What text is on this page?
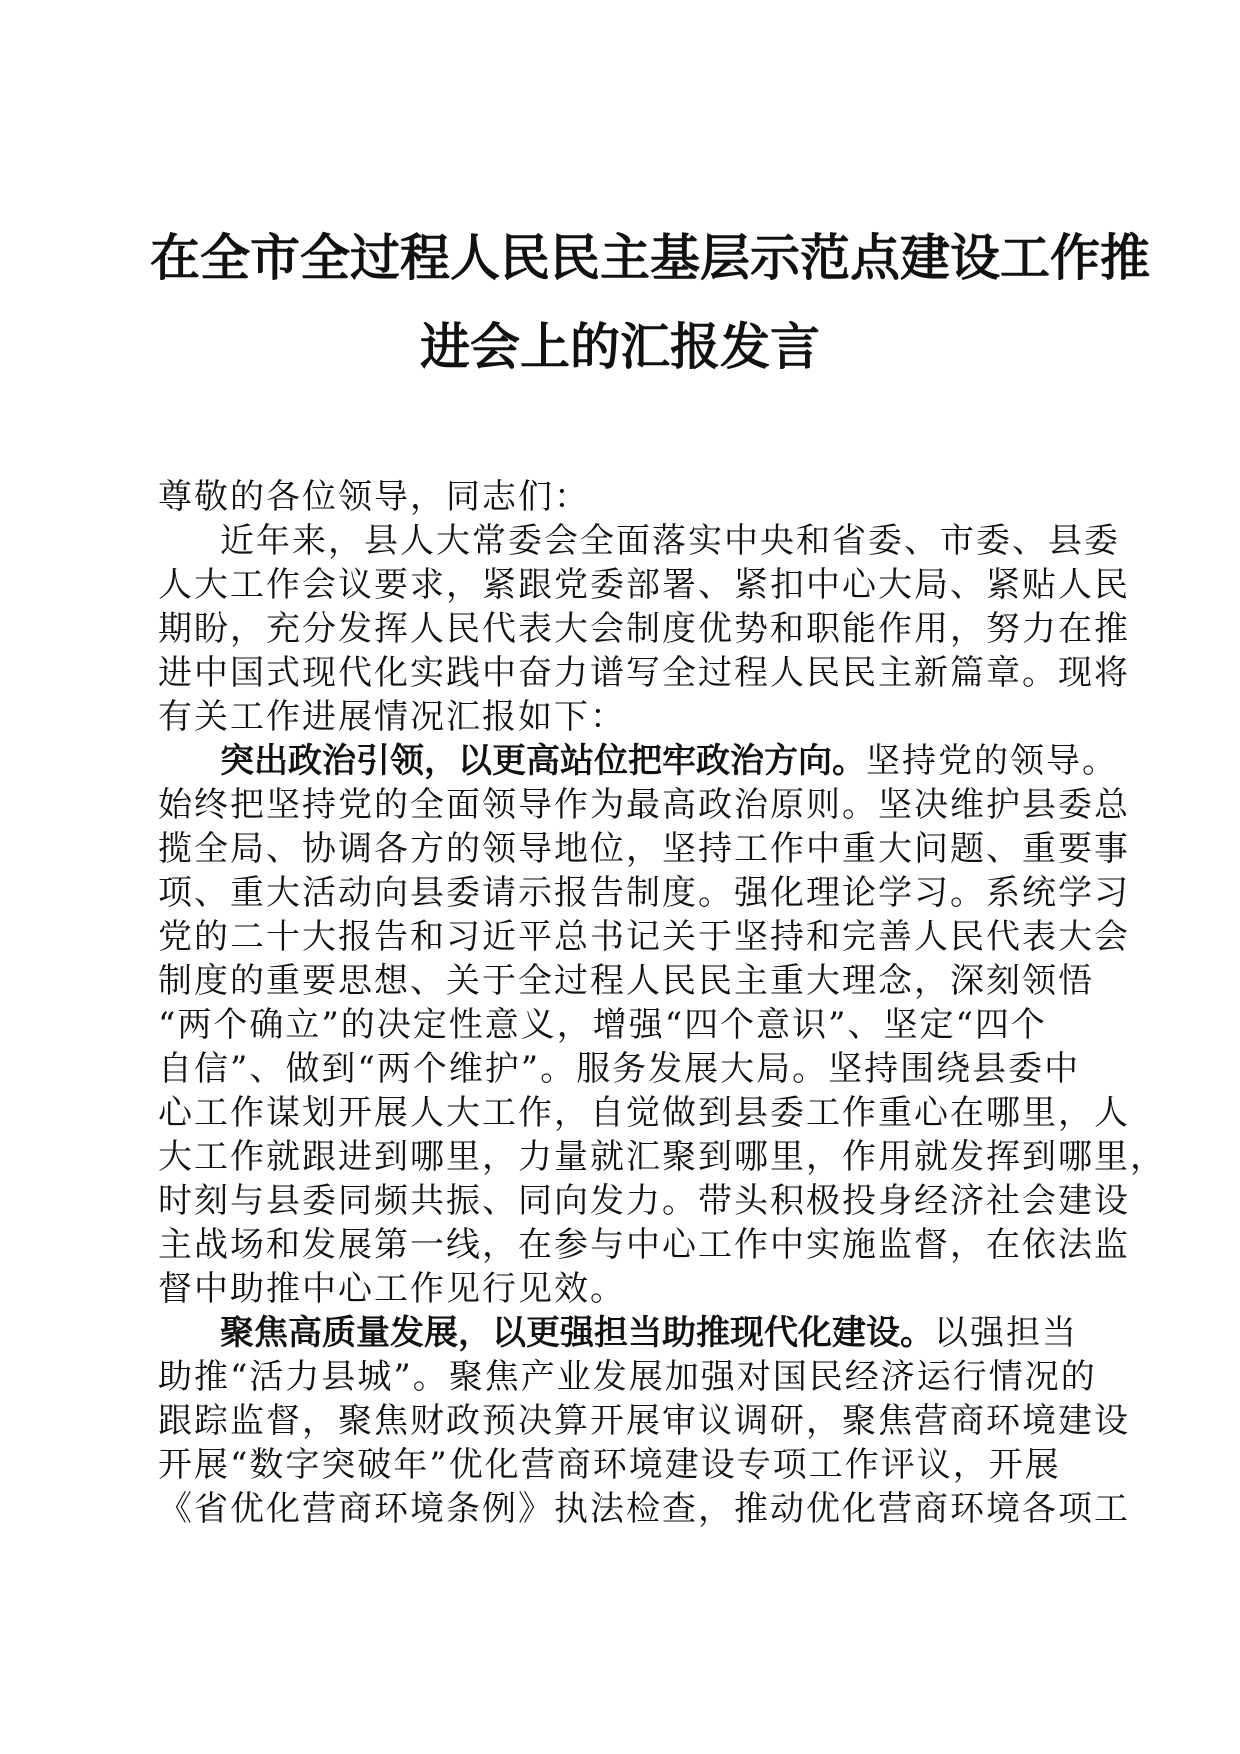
在全市全过程人民民主基层示范点建设工作推
进会上的汇报发言
尊敬的各位领导，同志们：
近年来，县人大常委会全面落实中央和省委、市委、县委
人大工作会议要求，紧跟党委部署、紧扣中心大局、紧贴人民
期盼，充分发挥人民代表大会制度优势和职能作用，努力在推
进中国式现代化实践中奋力谱写全过程人民民主新篇章。现将
有关工作进展情况汇报如下：
突出政治引领，以更高站位把牢政治方向。坚持党的领导。
始终把坚持党的全面领导作为最高政治原则。坚决维护县委总
揽全局、协调各方的领导地位，坚持工作中重大问题、重要事
项、重大活动向县委请示报告制度。强化理论学习。系统学习
党的二十大报告和习近平总书记关于坚持和完善人民代表大会
制度的重要思想、关于全过程人民民主重大理念，深刻领悟
“两个确立”的决定性意义，增强“四个意识”、坚定“四个
自信”、做到“两个维护”。服务发展大局。坚持围绕县委中
心工作谋划开展人大工作，自觉做到县委工作重心在哪里，人
大工作就跟进到哪里，力量就汇聚到哪里，作用就发挥到哪里，
时刻与县委同频共振、同向发力。带头积极投身经济社会建设
主战场和发展第一线，在参与中心工作中实施监督，在依法监
督中助推中心工作见行见效。
聚焦高质量发展，以更强担当助推现代化建设。以强担当
助推“活力县城”。聚焦产业发展加强对国民经济运行情况的
跟踪监督，聚焦财政预决算开展审议调研，聚焦营商环境建设
开展“数字突破年”优化营商环境建设专项工作评议，开展
《省优化营商环境条例》执法检查，推动优化营商环境各项工
